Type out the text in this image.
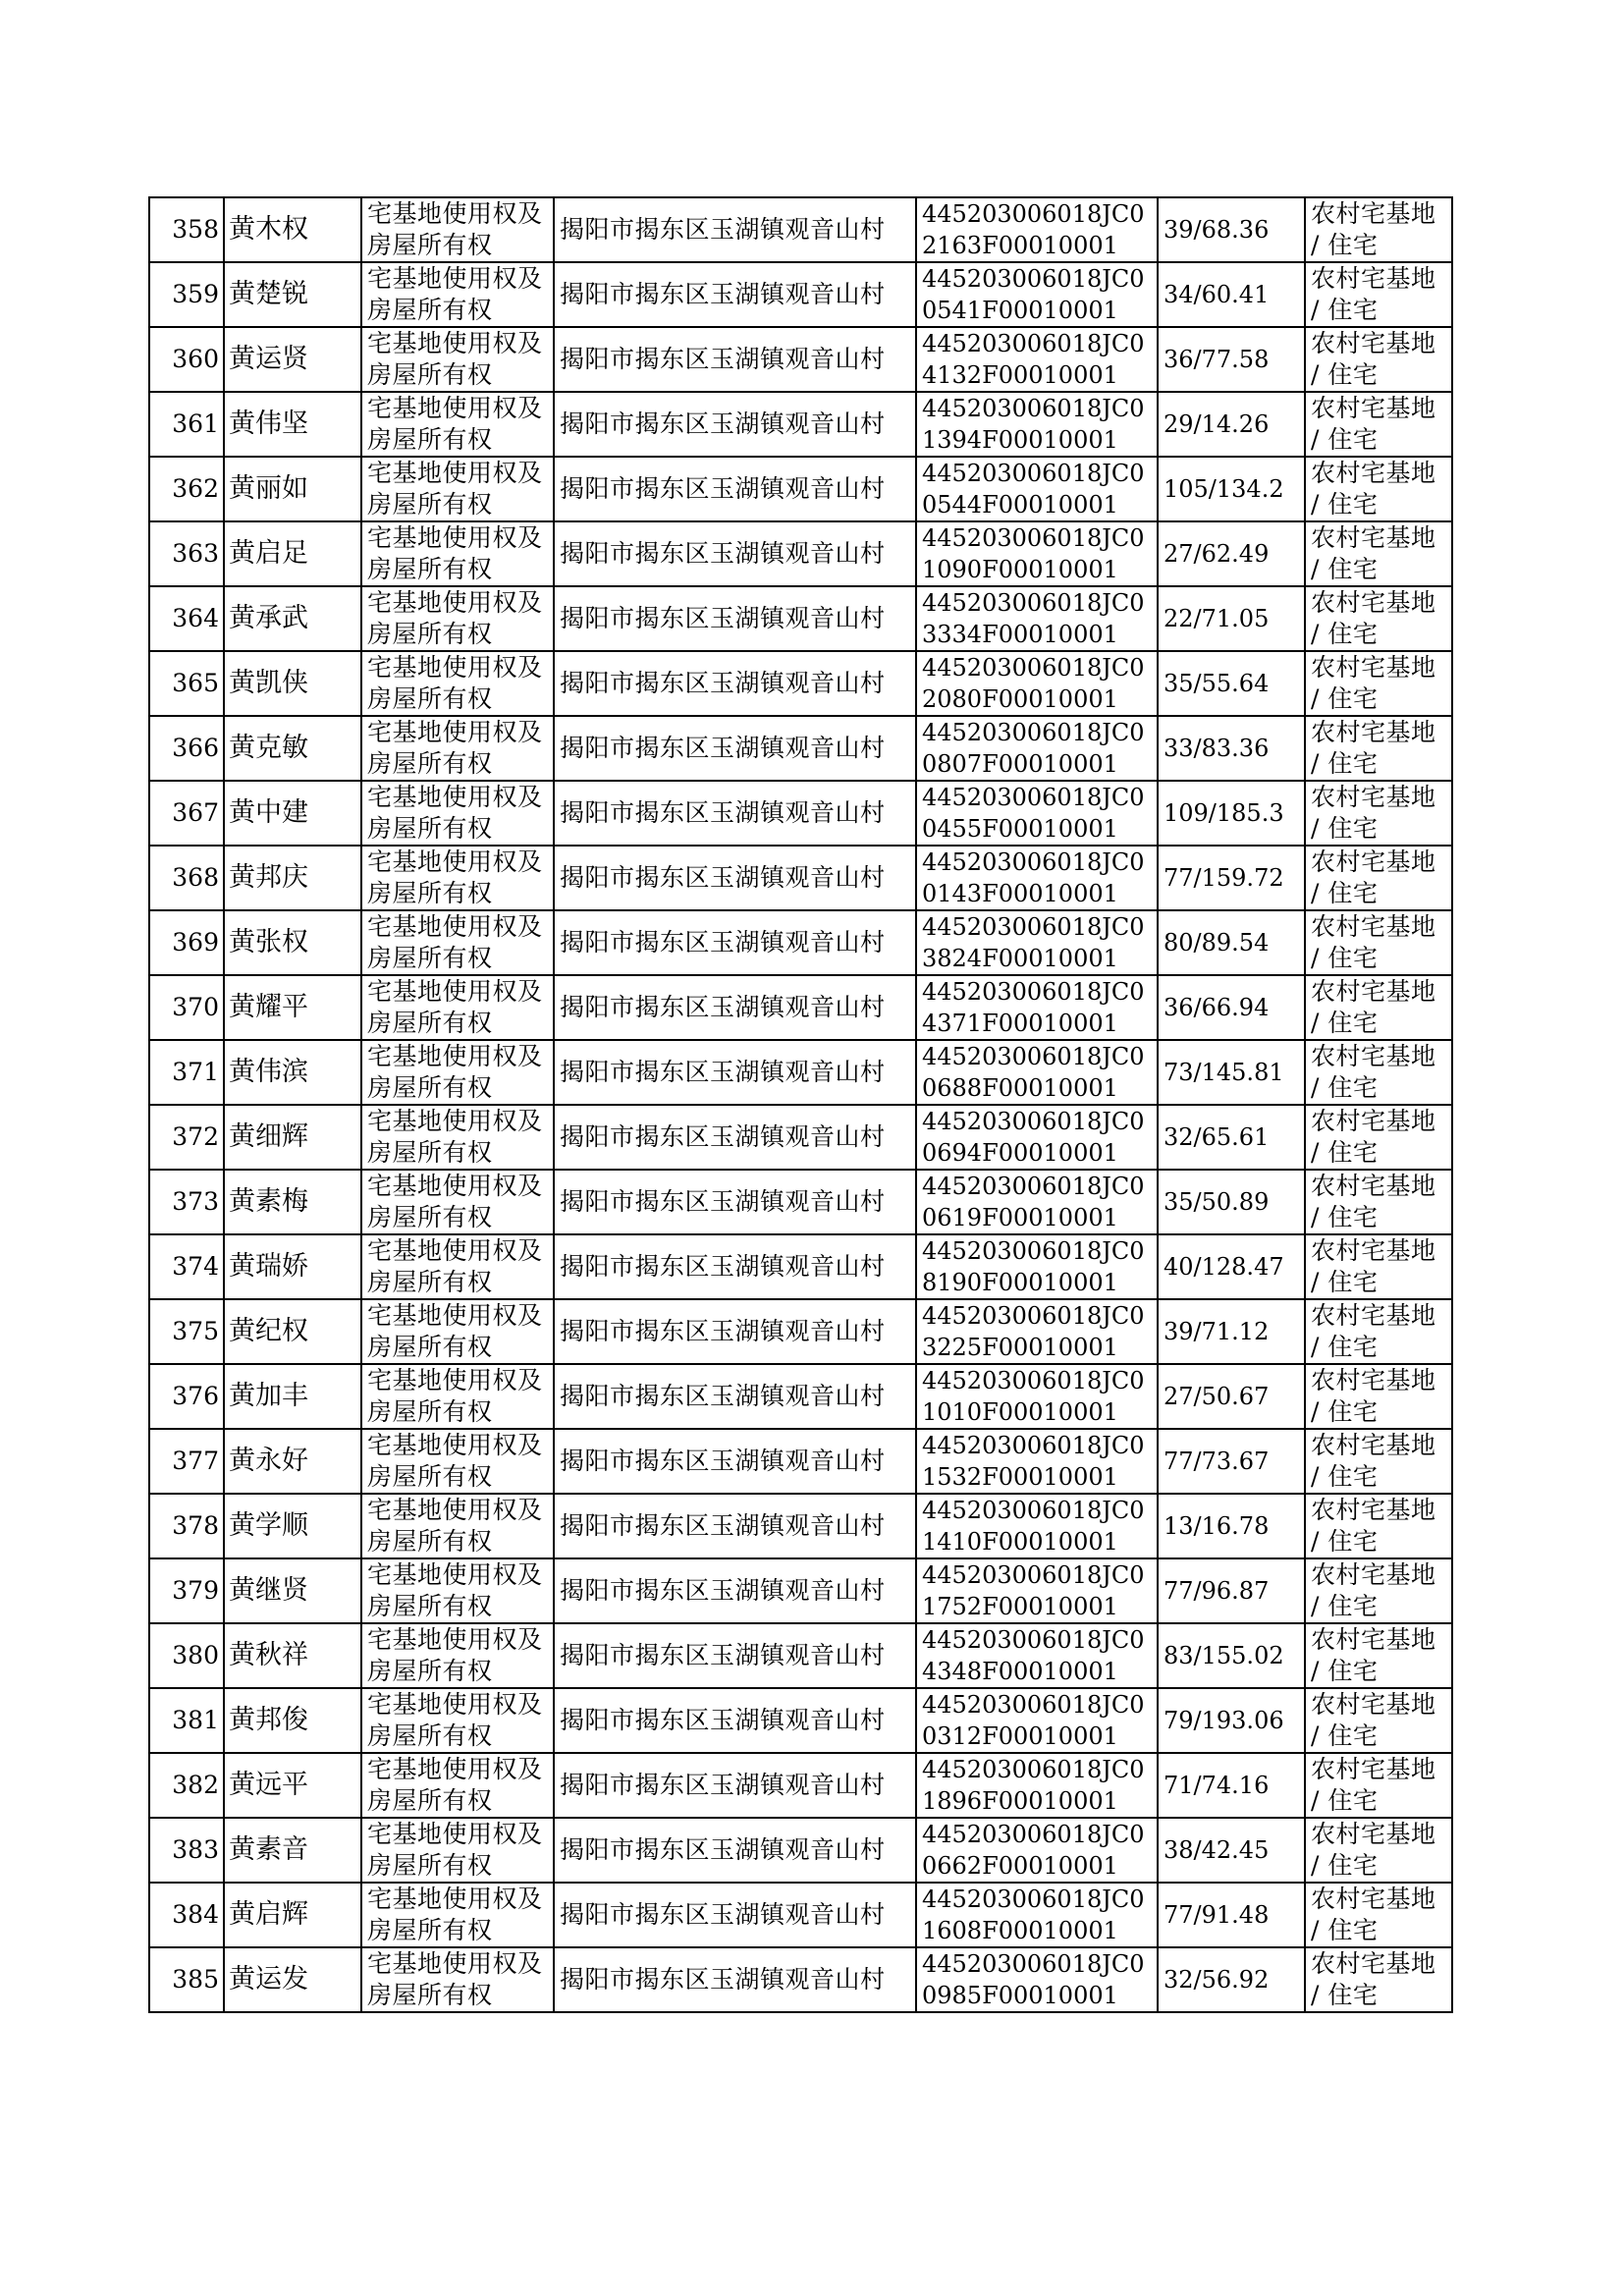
358	黄木权	宅基地使用权及房屋所有权	揭阳市揭东区玉湖镇观音山村	445203006018JC02163F00010001	39/68.36	农村宅基地 / 住宅
359	黄楚锐	宅基地使用权及房屋所有权	揭阳市揭东区玉湖镇观音山村	445203006018JC00541F00010001	34/60.41	农村宅基地 / 住宅
360	黄运贤	宅基地使用权及房屋所有权	揭阳市揭东区玉湖镇观音山村	445203006018JC04132F00010001	36/77.58	农村宅基地 / 住宅
361	黄伟坚	宅基地使用权及房屋所有权	揭阳市揭东区玉湖镇观音山村	445203006018JC01394F00010001	29/14.26	农村宅基地 / 住宅
362	黄丽如	宅基地使用权及房屋所有权	揭阳市揭东区玉湖镇观音山村	445203006018JC00544F00010001	105/134.2	农村宅基地 / 住宅
363	黄启足	宅基地使用权及房屋所有权	揭阳市揭东区玉湖镇观音山村	445203006018JC01090F00010001	27/62.49	农村宅基地 / 住宅
364	黄承武	宅基地使用权及房屋所有权	揭阳市揭东区玉湖镇观音山村	445203006018JC03334F00010001	22/71.05	农村宅基地 / 住宅
365	黄凯侠	宅基地使用权及房屋所有权	揭阳市揭东区玉湖镇观音山村	445203006018JC02080F00010001	35/55.64	农村宅基地 / 住宅
366	黄克敏	宅基地使用权及房屋所有权	揭阳市揭东区玉湖镇观音山村	445203006018JC00807F00010001	33/83.36	农村宅基地 / 住宅
367	黄中建	宅基地使用权及房屋所有权	揭阳市揭东区玉湖镇观音山村	445203006018JC00455F00010001	109/185.3	农村宅基地 / 住宅
368	黄邦庆	宅基地使用权及房屋所有权	揭阳市揭东区玉湖镇观音山村	445203006018JC00143F00010001	77/159.72	农村宅基地 / 住宅
369	黄张权	宅基地使用权及房屋所有权	揭阳市揭东区玉湖镇观音山村	445203006018JC03824F00010001	80/89.54	农村宅基地 / 住宅
370	黄耀平	宅基地使用权及房屋所有权	揭阳市揭东区玉湖镇观音山村	445203006018JC04371F00010001	36/66.94	农村宅基地 / 住宅
371	黄伟滨	宅基地使用权及房屋所有权	揭阳市揭东区玉湖镇观音山村	445203006018JC00688F00010001	73/145.81	农村宅基地 / 住宅
372	黄细辉	宅基地使用权及房屋所有权	揭阳市揭东区玉湖镇观音山村	445203006018JC00694F00010001	32/65.61	农村宅基地 / 住宅
373	黄素梅	宅基地使用权及房屋所有权	揭阳市揭东区玉湖镇观音山村	445203006018JC00619F00010001	35/50.89	农村宅基地 / 住宅
374	黄瑞娇	宅基地使用权及房屋所有权	揭阳市揭东区玉湖镇观音山村	445203006018JC08190F00010001	40/128.47	农村宅基地 / 住宅
375	黄纪权	宅基地使用权及房屋所有权	揭阳市揭东区玉湖镇观音山村	445203006018JC03225F00010001	39/71.12	农村宅基地 / 住宅
376	黄加丰	宅基地使用权及房屋所有权	揭阳市揭东区玉湖镇观音山村	445203006018JC01010F00010001	27/50.67	农村宅基地 / 住宅
377	黄永好	宅基地使用权及房屋所有权	揭阳市揭东区玉湖镇观音山村	445203006018JC01532F00010001	77/73.67	农村宅基地 / 住宅
378	黄学顺	宅基地使用权及房屋所有权	揭阳市揭东区玉湖镇观音山村	445203006018JC01410F00010001	13/16.78	农村宅基地 / 住宅
379	黄继贤	宅基地使用权及房屋所有权	揭阳市揭东区玉湖镇观音山村	445203006018JC01752F00010001	77/96.87	农村宅基地 / 住宅
380	黄秋祥	宅基地使用权及房屋所有权	揭阳市揭东区玉湖镇观音山村	445203006018JC04348F00010001	83/155.02	农村宅基地 / 住宅
381	黄邦俊	宅基地使用权及房屋所有权	揭阳市揭东区玉湖镇观音山村	445203006018JC00312F00010001	79/193.06	农村宅基地 / 住宅
382	黄远平	宅基地使用权及房屋所有权	揭阳市揭东区玉湖镇观音山村	445203006018JC01896F00010001	71/74.16	农村宅基地 / 住宅
383	黄素音	宅基地使用权及房屋所有权	揭阳市揭东区玉湖镇观音山村	445203006018JC00662F00010001	38/42.45	农村宅基地 / 住宅
384	黄启辉	宅基地使用权及房屋所有权	揭阳市揭东区玉湖镇观音山村	445203006018JC01608F00010001	77/91.48	农村宅基地 / 住宅
385	黄运发	宅基地使用权及房屋所有权	揭阳市揭东区玉湖镇观音山村	445203006018JC00985F00010001	32/56.92	农村宅基地 / 住宅
